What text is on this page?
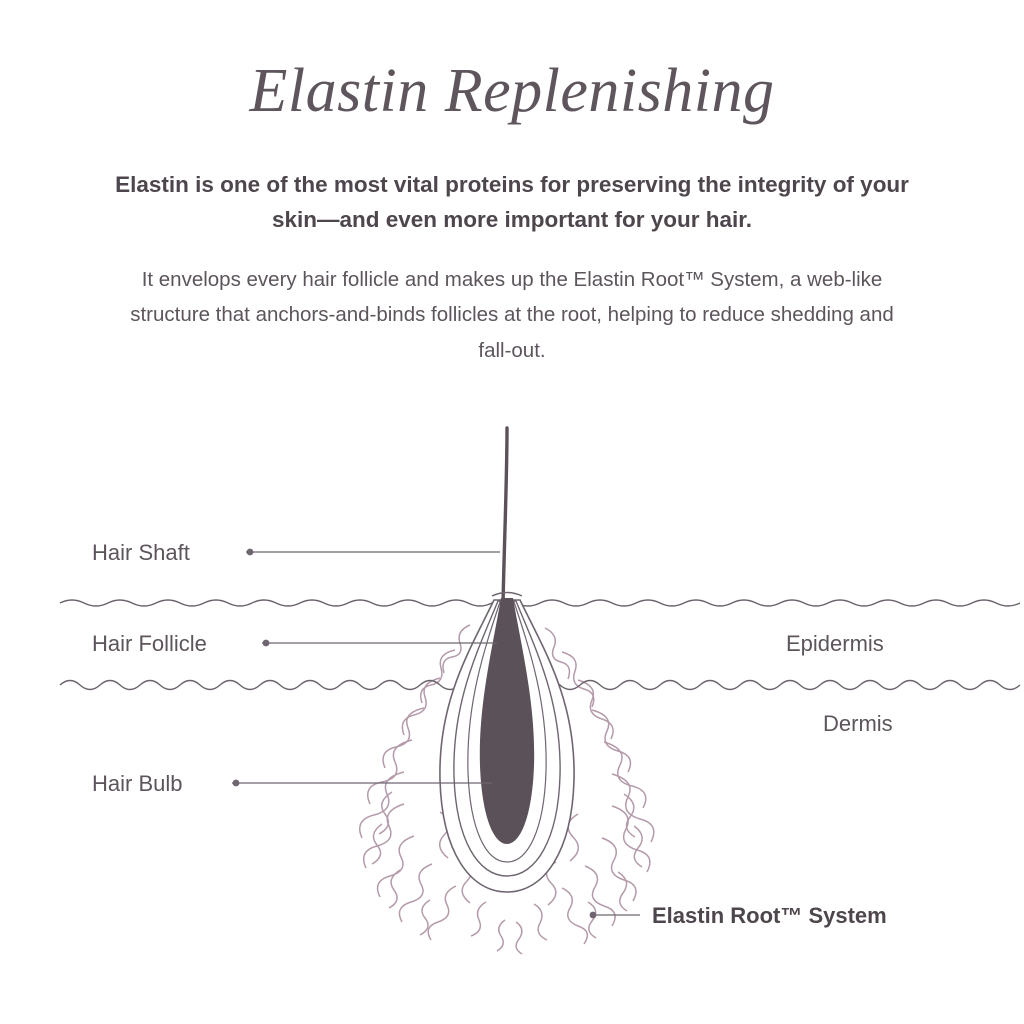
Elastin Replenishing
Elastin is one of the most vital proteins for preserving the integrity of your skin—and even more important for your hair.
It envelops every hair follicle and makes up the Elastin Root™ System, a web-like structure that anchors-and-binds follicles at the root, helping to reduce shedding and fall-out.
Hair Shaft
Hair Follicle
Hair Bulb
Epidermis
Dermis
Elastin Root™ System
